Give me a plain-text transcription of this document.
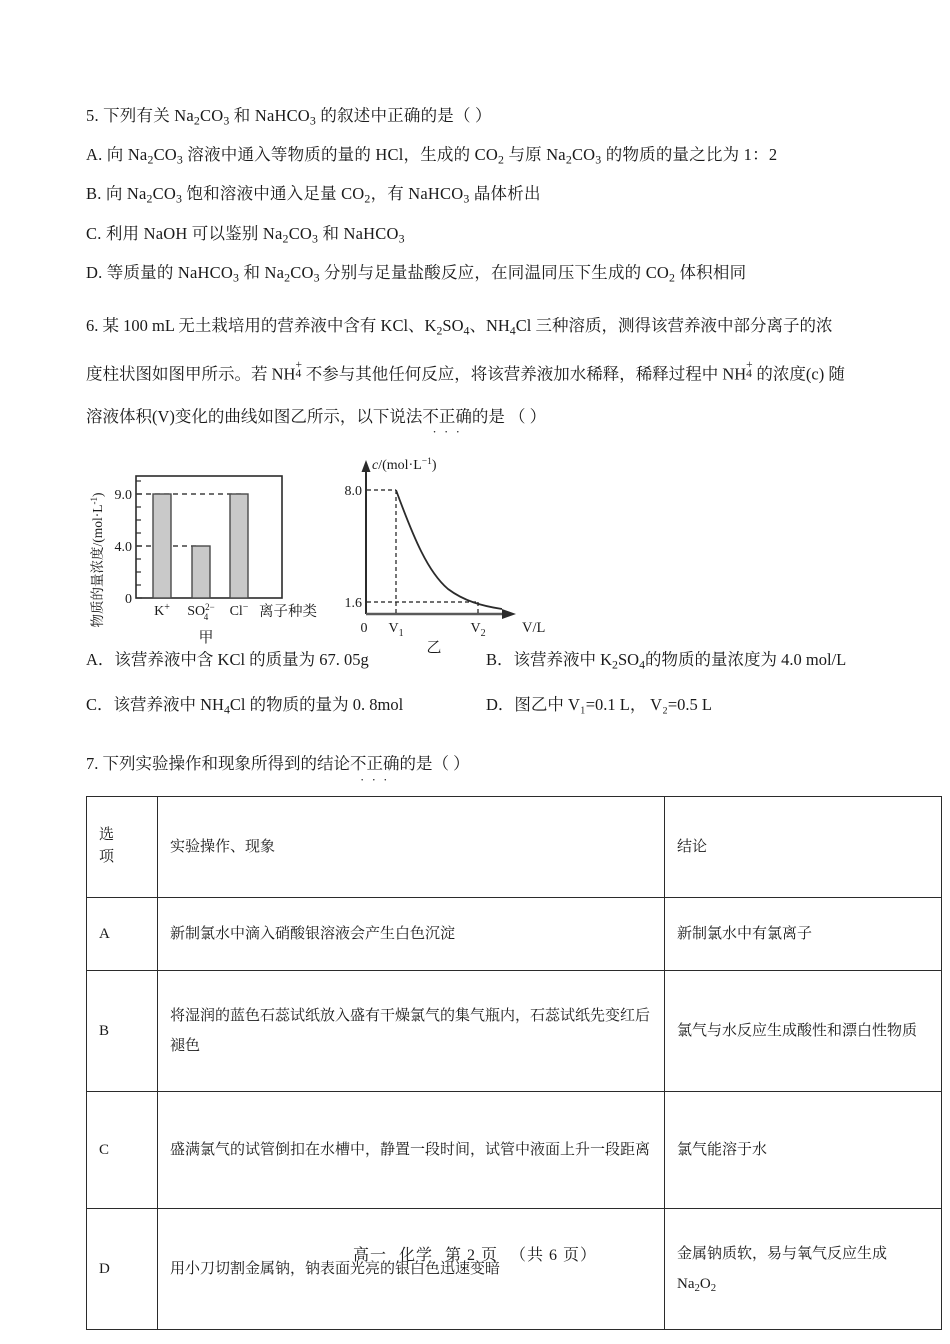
5. 下列有关 $Na_2CO_3$ 和 NaHCO$_3$ 的叙述中正确的是（ ）
A. 向 $Na_2CO_3$ 溶液中通入等物质的量的 HCl，生成的 $CO_2$ 与原 $Na_2CO_3$ 的物质的量之比为 1：2
B. 向 $Na_2CO_3$ 饱和溶液中通入足量 $CO_2$，有 NaHCO$_3$ 晶体析出
C. 利用 NaOH 可以鉴别 $Na_2CO_3$ 和 NaHCO$_3$
D. 等质量的 NaHCO$_3$ 和 $Na_2CO_3$ 分别与足量盐酸反应，在同温同压下生成的 $CO_2$ 体积相同
6. 某 100 mL 无土栽培用的营养液中含有 KCl、$K_2SO_4$、$NH_4Cl$ 三种溶质，测得该营养液中部分离子的浓
度柱状图如图甲所示。若 NH +
4 不参与其他任何反应，将该营养液加水稀释，稀释过程中 NH +
4 的浓度(c) 随
溶液体积(V)变化的曲线如图乙所示，以下说法不正确 · · ·的是 （ ）
物质的量浓度$/(mol\cdot L^{-1})$
0
4.0
9.0
K+ $SO^{2-}$ 4	Cl− 离子种类
甲
$c/(mol\cdot L^{-1})$
V/L
8.0
1.6
0 $V_1$	$V_2$
乙
A．该营养液中含 KCl 的质量为 67. 05g	B．该营养液中 $K_2SO_4$的物质的量浓度为 4.0 mol/L
C．该营养液中 $NH_4Cl$ 的物质的量为 0. 8mol	D．图乙中 V₁=0.1 L， V₂=0.5 L
7. 下列实验操作和现象所得到的结论不正确 · · ·的是（ ）
选项	实验操作、现象	结论
A	新制氯水中滴入硝酸银溶液会产生白色沉淀	新制氯水中有氯离子
B	将湿润的蓝色石蕊试纸放入盛有干燥氯气的集气瓶内，石蕊试纸先变红后褪色	氯气与水反应生成酸性和漂白性物质
C	盛满氯气的试管倒扣在水槽中，静置一段时间，试管中液面上升一段距离	氯气能溶于水
D	用小刀切割金属钠，钠表面光亮的银白色迅速变暗	金属钠质软，易与氧气反应生成
$Na_2O_2$
高一 化学 第 2 页 （共 6 页）
